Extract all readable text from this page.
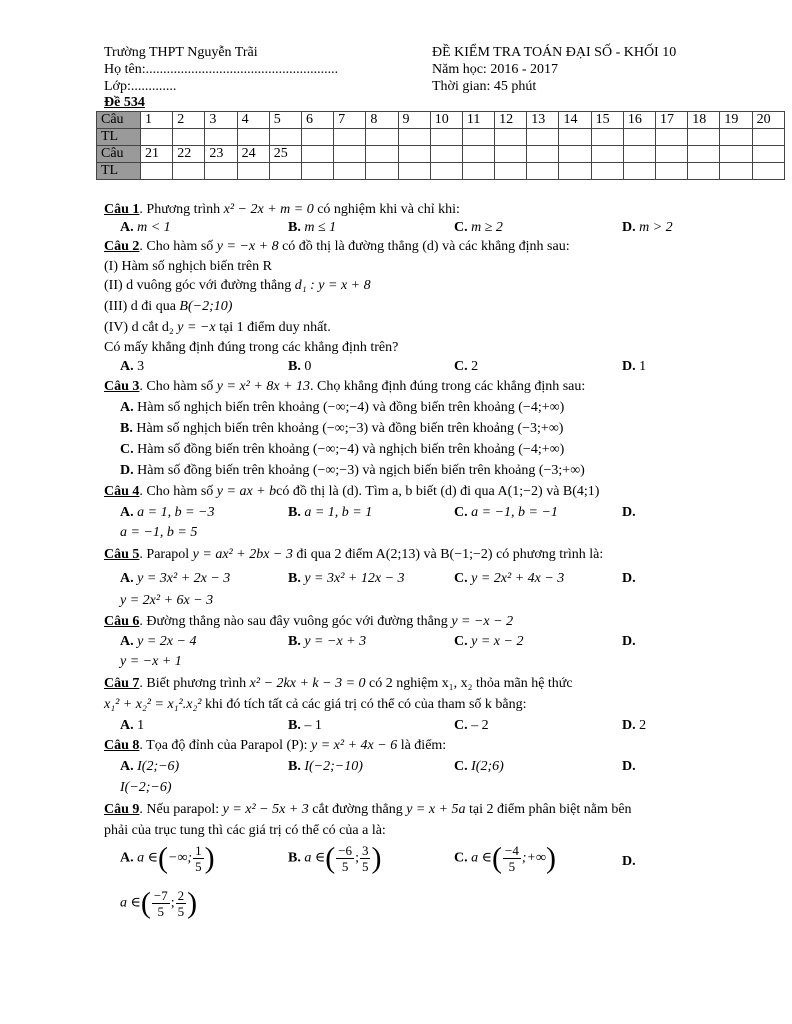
Trường THPT Nguyễn Trãi
Họ tên:.......................................................
Lớp:.............
Đề 534
ĐỀ KIỂM TRA TOÁN ĐẠI SỐ - KHỐI 10
Năm học: 2016 - 2017
Thời gian: 45 phút
Câu	1	2	3	4	5	6	7	8	9	10	11	12	13	14	15	16	17	18	19	20
TL																				
Câu	21	22	23	24	25															
TL																				
Câu 1. Phương trình x² − 2x + m = 0 có nghiệm khi và chỉ khi:
A. m < 1	B. m ≤ 1	C. m ≥ 2	D. m > 2
Câu 2. Cho hàm số y = −x + 8 có đồ thị là đường thẳng (d) và các khẳng định sau:
(I) Hàm số nghịch biến trên R
(II) d vuông góc với đường thẳng d₁ : y = x + 8
(III) d đi qua B(−2;10)
(IV) d cắt d₂ y = −x tại 1 điểm duy nhất.
Có mấy khẳng định đúng trong các khẳng định trên?
A. 3	B. 0	C. 2	D. 1
Câu 3. Cho hàm số y = x² + 8x + 13. Chọ khẳng định đúng trong các khẳng định sau:
A. Hàm số nghịch biến trên khoảng (−∞;−4) và đồng biến trên khoảng (−4;+∞)
B. Hàm số nghịch biến trên khoảng (−∞;−3) và đồng biến trên khoảng (−3;+∞)
C. Hàm số đồng biến trên khoảng (−∞;−4) và nghịch biến trên khoảng (−4;+∞)
D. Hàm số đồng biến trên khoảng (−∞;−3) và ngịch biến biến trên khoảng (−3;+∞)
Câu 4. Cho hàm số y = ax + bcó đồ thị là (d). Tìm a, b biết (d) đi qua A(1;−2) và B(4;1)
A. a = 1, b = −3	B. a = 1, b = 1	C. a = −1, b = −1	D.
a = −1, b = 5
Câu 5. Parapol y = ax² + 2bx − 3 đi qua 2 điểm A(2;13) và B(−1;−2) có phương trình là:
A. y = 3x² + 2x − 3	B. y = 3x² + 12x − 3	C. y = 2x² + 4x − 3	D.
y = 2x² + 6x − 3
Câu 6. Đường thẳng nào sau đây vuông góc với đường thẳng y = −x − 2
A. y = 2x − 4	B. y = −x + 3	C. y = x − 2	D.
y = −x + 1
Câu 7. Biết phương trình x² − 2kx + k − 3 = 0 có 2 nghiệm x₁, x₂ thỏa mãn hệ thức
x₁² + x₂² = x₁².x₂² khi đó tích tất cả các giá trị có thể có của tham số k bằng:
A. 1	B. – 1	C. – 2	D. 2
Câu 8. Tọa độ đỉnh của Parapol (P): y = x² + 4x − 6 là điểm:
A. I(2;−6)	B. I(−2;−10)	C. I(2;6)	D.
I(−2;−6)
Câu 9. Nếu parapol: y = x² − 5x + 3 cắt đường thẳng y = x + 5a tại 2 điểm phân biệt nằm bên
phải của trục tung thì các giá trị có thể có của a là:
A. a ∈(−∞; $\frac{1}{5}$ )	B. a ∈( $\frac{-6}{5}$ ; $\frac{3}{5}$ )	C. a ∈( $\frac{-4}{5}$ ;+∞)	D.
a ∈( $\frac{-7}{5}$ ; $\frac{2}{5}$ )
